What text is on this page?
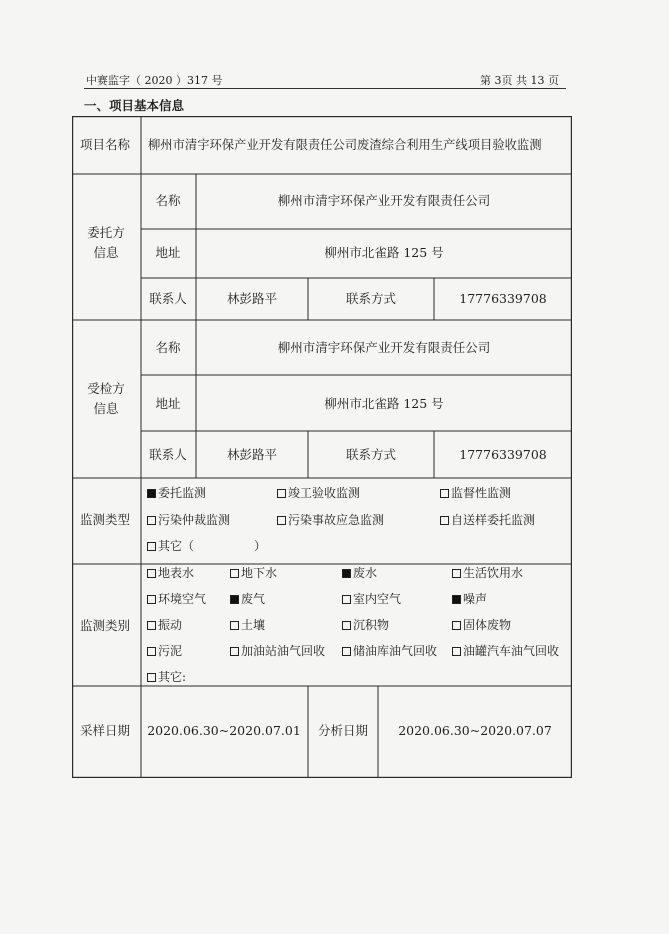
中赛监字（ 2020 ）317 号	第 3页 共 13 页
一、项目基本信息
项目名称 柳州市清宇环保产业开发有限责任公司废渣综合利用生产线项目验收监测
委托方信息
名称	柳州市清宇环保产业开发有限责任公司
地址	柳州市北雀路 125 号
联系人	林彭路平	联系方式	17776339708
受检方信息
名称	柳州市清宇环保产业开发有限责任公司
地址	柳州市北雀路 125 号
联系人	林彭路平	联系方式	17776339708
监测类型
委托监测	竣工验收监测	监督性监测
污染仲裁监测	污染事故应急监测	自送样委托监测
其它（　　　　　）
监测类别
地表水	地下水	废水	生活饮用水
环境空气	废气	室内空气	噪声
振动	土壤	沉积物	固体废物
污泥	加油站油气回收	储油库油气回收	油罐汽车油气回收
其它:
采样日期 2020.06.30~2020.07.01 分析日期 2020.06.30~2020.07.07
